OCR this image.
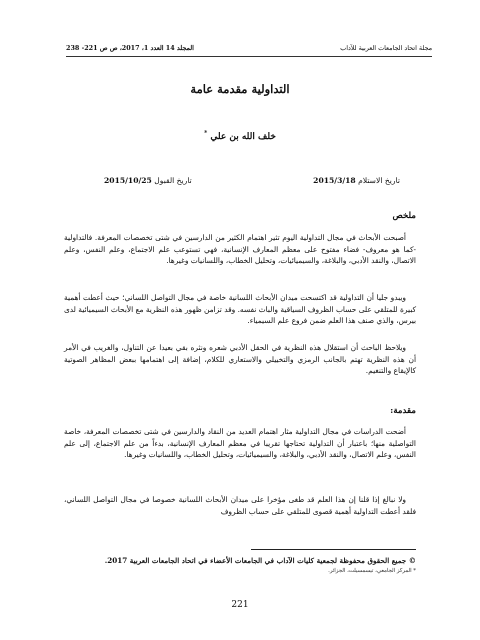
مجلة اتحاد الجامعات العربية للآداب
المجلد 14 العدد 1، 2017، ص ص 221- 238
التداولية مقدمة عامة
خلف الله بن علي *
تاريخ الاستلام 2015/3/18
تاريخ القبول 2015/10/25
ملخص

أصبحت الأبحاث في مجال التداولية اليوم تثير اهتمام الكثير من الدارسين في شتى تخصصات المعرفة. فالتداولية -كما هو معروف- فضاء مفتوح على معظم المعارف الإنسانية، فهي تستوعب علم الاجتماع، وعلم النفس، وعلم الاتصال، والنقد الأدبي، والبلاغة، والسيميائيات، وتحليل الخطاب، واللسانيات وغيرها.

ويبدو جليا أن التداولية قد اكتسحت ميدان الأبحاث اللسانية خاصة في مجال التواصل اللساني؛ حيث أعطت أهمية كبيرة للمتلقي على حساب الظروف السياقية والباث نفسه. وقد تزامن ظهور هذه النظرية مع الأبحاث السيميائية لدى بيرس، والذي صنف هذا العلم ضمن فروع علم السيمياء.

ويلاحظ الباحث أن استقلال هذه النظرية في الحقل الأدبي شعره ونثره بقي بعيدا عن التناول، والغريب في الأمر أن هذه النظرية تهتم بالجانب الرمزي والتخييلي والاستعاري للكلام، إضافة إلى اهتمامها ببعض المظاهر الصوتية كالإيقاع والتنغيم.

مقدمة:

أضحت الدراسات في مجال التداولية مثار اهتمام العديد من النقاد والدارسين في شتى تخصصات المعرفة، خاصة التواصلية منها؛ باعتبار أن التداولية تحتاجها تقريبا في معظم المعارف الإنسانية، بدءاً من علم الاجتماع، إلى علم النفس، وعلم الاتصال، والنقد الأدبي، والبلاغة، والسيميائيات، وتحليل الخطاب، واللسانيات وغيرها.

ولا نبالغ إذا قلنا إن هذا العلم قد طغى مؤخرا على ميدان الأبحاث اللسانية خصوصا في مجال التواصل اللساني، فلقد أعطت التداولية أهمية قصوى للمتلقي على حساب الظروف

© جميع الحقوق محفوظة لجمعية كليات الآداب في الجامعات الأعضاء في اتحاد الجامعات العربية 2017.
* المركز الجامعي، تيسمسيلت، الجزائر.
221
